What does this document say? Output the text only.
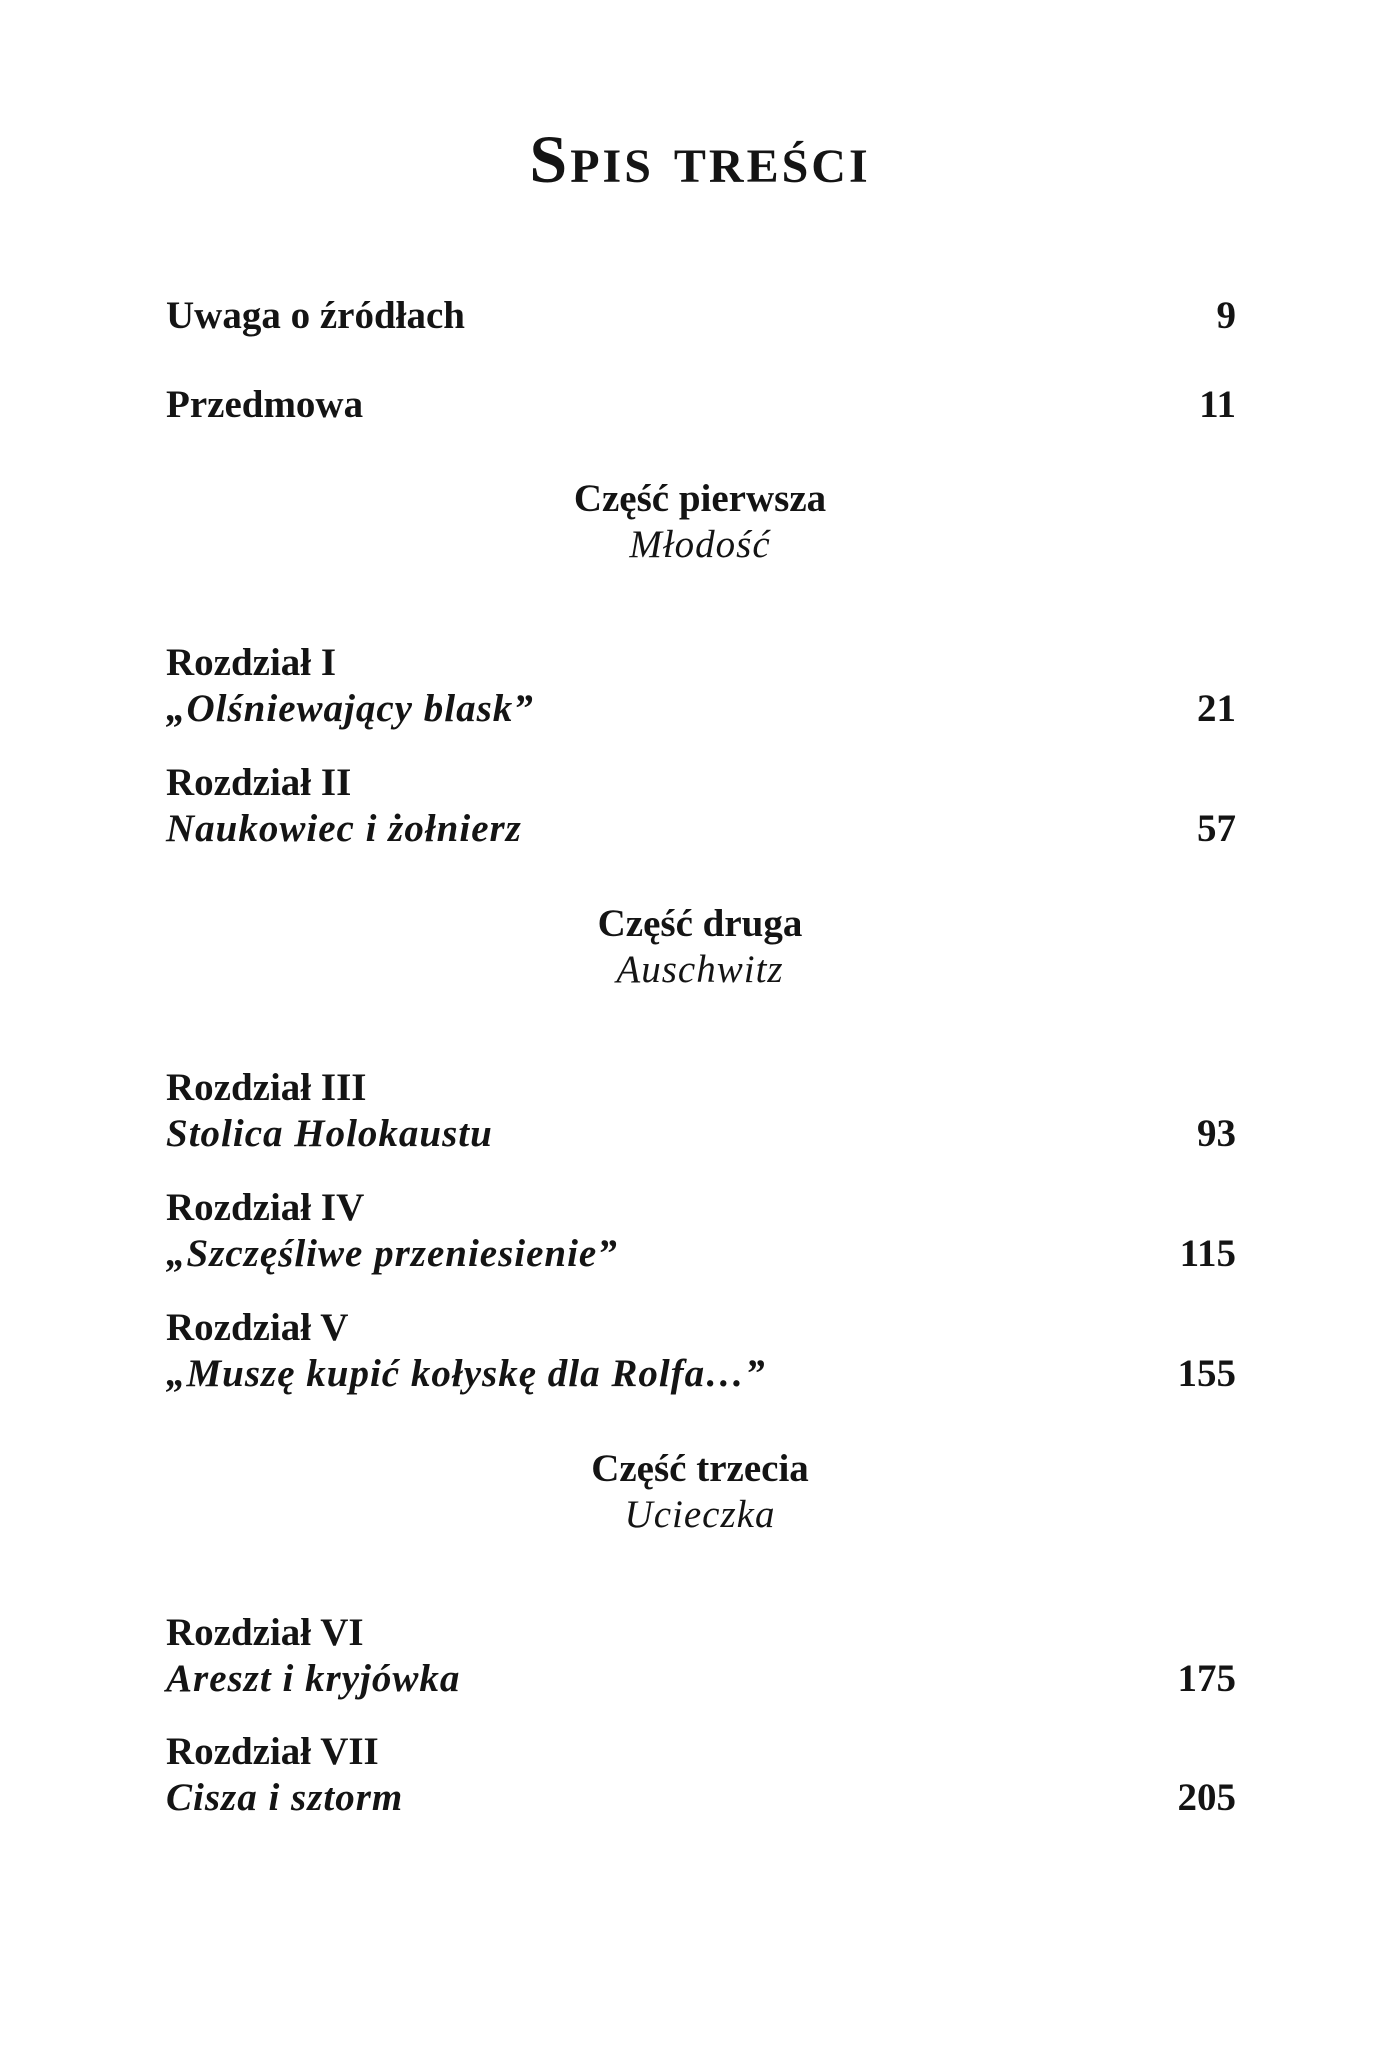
Spis treści
Uwaga o źródłach	9
Przedmowa	11
Część pierwsza
Młodość
Rozdział I
„Olśniewający blask”	21
Rozdział II
Naukowiec i żołnierz	57
Część druga
Auschwitz
Rozdział III
Stolica Holokaustu	93
Rozdział IV
„Szczęśliwe przeniesienie”	115
Rozdział V
„Muszę kupić kołyskę dla Rolfa…”	155
Część trzecia
Ucieczka
Rozdział VI
Areszt i kryjówka	175
Rozdział VII
Cisza i sztorm	205
